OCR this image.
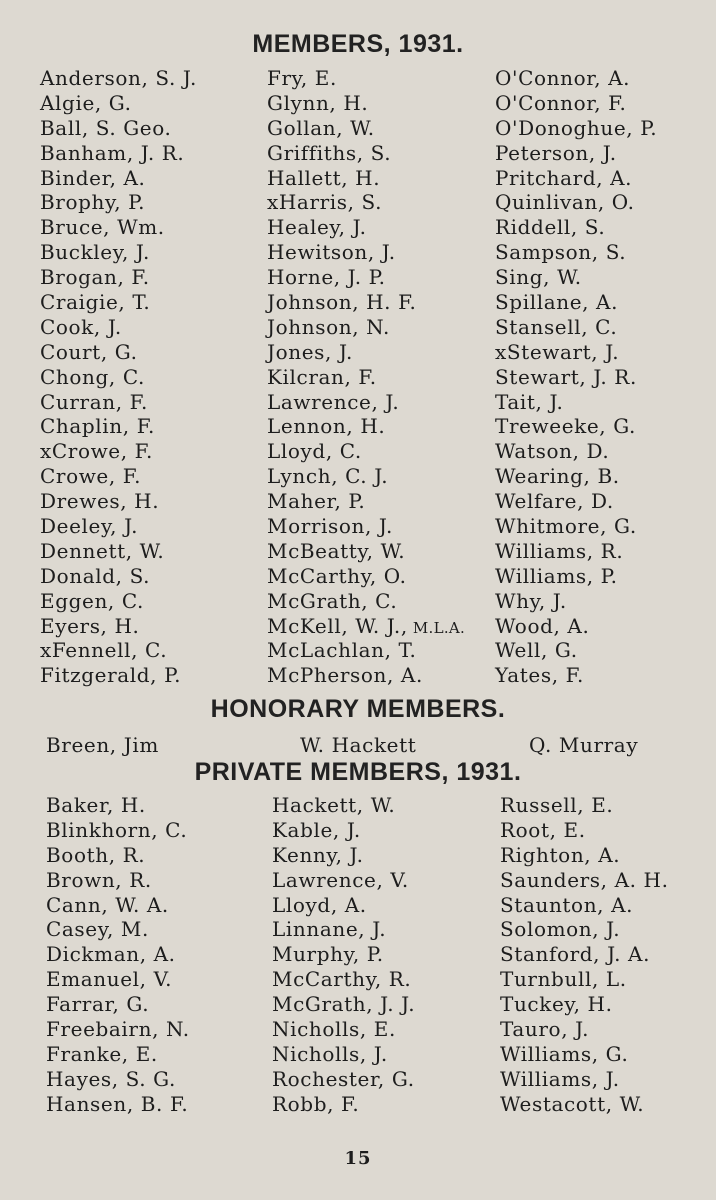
MEMBERS, 1931.
Anderson, S. J.
Algie, G.
Ball, S. Geo.
Banham, J. R.
Binder, A.
Brophy, P.
Bruce, Wm.
Buckley, J.
Brogan, F.
Craigie, T.
Cook, J.
Court, G.
Chong, C.
Curran, F.
Chaplin, F.
xCrowe, F.
Crowe, F.
Drewes, H.
Deeley, J.
Dennett, W.
Donald, S.
Eggen, C.
Eyers, H.
xFennell, C.
Fitzgerald, P.
Fry, E.
Glynn, H.
Gollan, W.
Griffiths, S.
Hallett, H.
xHarris, S.
Healey, J.
Hewitson, J.
Horne, J. P.
Johnson, H. F.
Johnson, N.
Jones, J.
Kilcran, F.
Lawrence, J.
Lennon, H.
Lloyd, C.
Lynch, C. J.
Maher, P.
Morrison, J.
McBeatty, W.
McCarthy, O.
McGrath, C.
McKell, W. J., M.L.A.
McLachlan, T.
McPherson, A.
O'Connor, A.
O'Connor, F.
O'Donoghue, P.
Peterson, J.
Pritchard, A.
Quinlivan, O.
Riddell, S.
Sampson, S.
Sing, W.
Spillane, A.
Stansell, C.
xStewart, J.
Stewart, J. R.
Tait, J.
Treweeke, G.
Watson, D.
Wearing, B.
Welfare, D.
Whitmore, G.
Williams, R.
Williams, P.
Why, J.
Wood, A.
Well, G.
Yates, F.
HONORARY MEMBERS.
Breen, Jim	W. Hackett	Q. Murray
PRIVATE MEMBERS, 1931.
Baker, H.
Blinkhorn, C.
Booth, R.
Brown, R.
Cann, W. A.
Casey, M.
Dickman, A.
Emanuel, V.
Farrar, G.
Freebairn, N.
Franke, E.
Hayes, S. G.
Hansen, B. F.
Hackett, W.
Kable, J.
Kenny, J.
Lawrence, V.
Lloyd, A.
Linnane, J.
Murphy, P.
McCarthy, R.
McGrath, J. J.
Nicholls, E.
Nicholls, J.
Rochester, G.
Robb, F.
Russell, E.
Root, E.
Righton, A.
Saunders, A. H.
Staunton, A.
Solomon, J.
Stanford, J. A.
Turnbull, L.
Tuckey, H.
Tauro, J.
Williams, G.
Williams, J.
Westacott, W.
15
